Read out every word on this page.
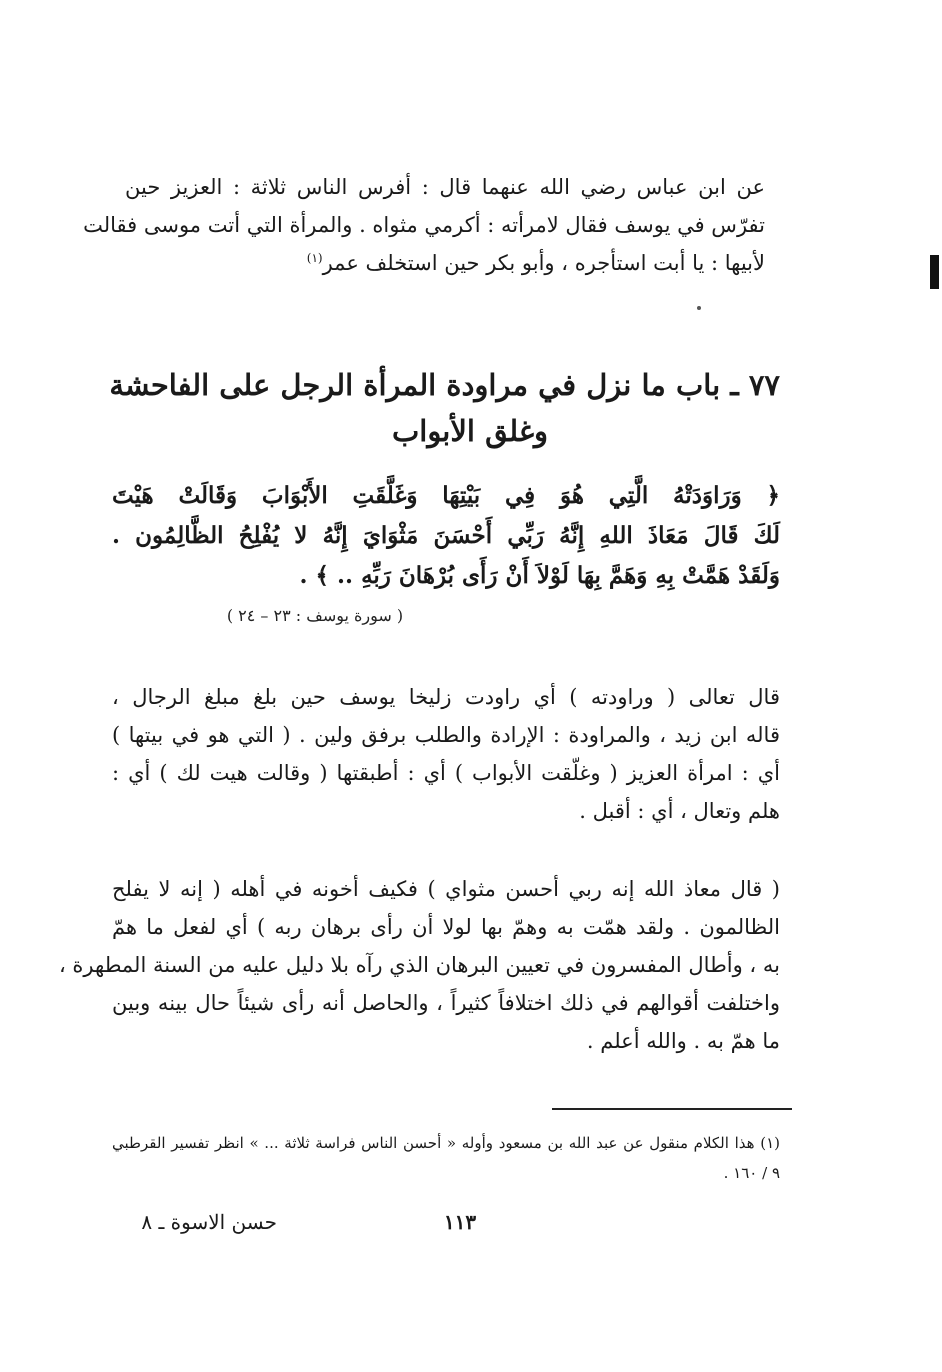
عن ابن عباس رضي الله عنهما قال : أفرس الناس ثلاثة : العزيز حين
تفرّس في يوسف فقال لامرأته : أكرمي مثواه . والمرأة التي أتت موسى فقالت
لأبيها : يا أبت استأجره ، وأبو بكر حين استخلف عمر$^{(١)}$
٧٧ ـ باب ما نزل في مراودة المرأة الرجل على الفاحشة
وغلق الأبواب
﴿ وَرَاوَدَتْهُ الَّتِي هُوَ فِي بَيْتِهَا وَغَلَّقَتِ الأَبْوَابَ وَقَالَتْ هَيْتَ
لَكَ قَالَ مَعَاذَ اللهِ إِنَّهُ رَبِّي أَحْسَنَ مَثْوَايَ إِنَّهُ لا يُفْلِحُ الظَّالِمُون .
وَلَقَدْ هَمَّتْ بِهِ وَهَمَّ بِهَا لَوْلاَ أَنْ رَأَى بُرْهَانَ رَبِّهِ .. ﴾ .
( سورة يوسف : ٢٣ – ٢٤ )
قال تعالى ( وراودته ) أي راودت زليخا يوسف حين بلغ مبلغ الرجال ،
قاله ابن زيد ، والمراودة : الإرادة والطلب برفق ولين . ( التي هو في بيتها )
أي : امرأة العزيز ( وغلّقت الأبواب ) أي : أطبقتها ( وقالت هيت لك ) أي :
هلم وتعال ، أي : أقبل .
( قال معاذ الله إنه ربي أحسن مثواي ) فكيف أخونه في أهله ( إنه لا يفلح
الظالمون . ولقد همّت به وهمّ بها لولا أن رأى برهان ربه ) أي لفعل ما همّ
به ، وأطال المفسرون في تعيين البرهان الذي رآه بلا دليل عليه من السنة المطهرة ،
واختلفت أقوالهم في ذلك اختلافاً كثيراً ، والحاصل أنه رأى شيئاً حال بينه وبين
ما همّ به . والله أعلم .
(١) هذا الكلام منقول عن عبد الله بن مسعود وأوله « أحسن الناس فراسة ثلاثة ... » انظر تفسير القرطبي
٩ / ١٦٠ .
حسن الاسوة ـ ٨	١١٣
